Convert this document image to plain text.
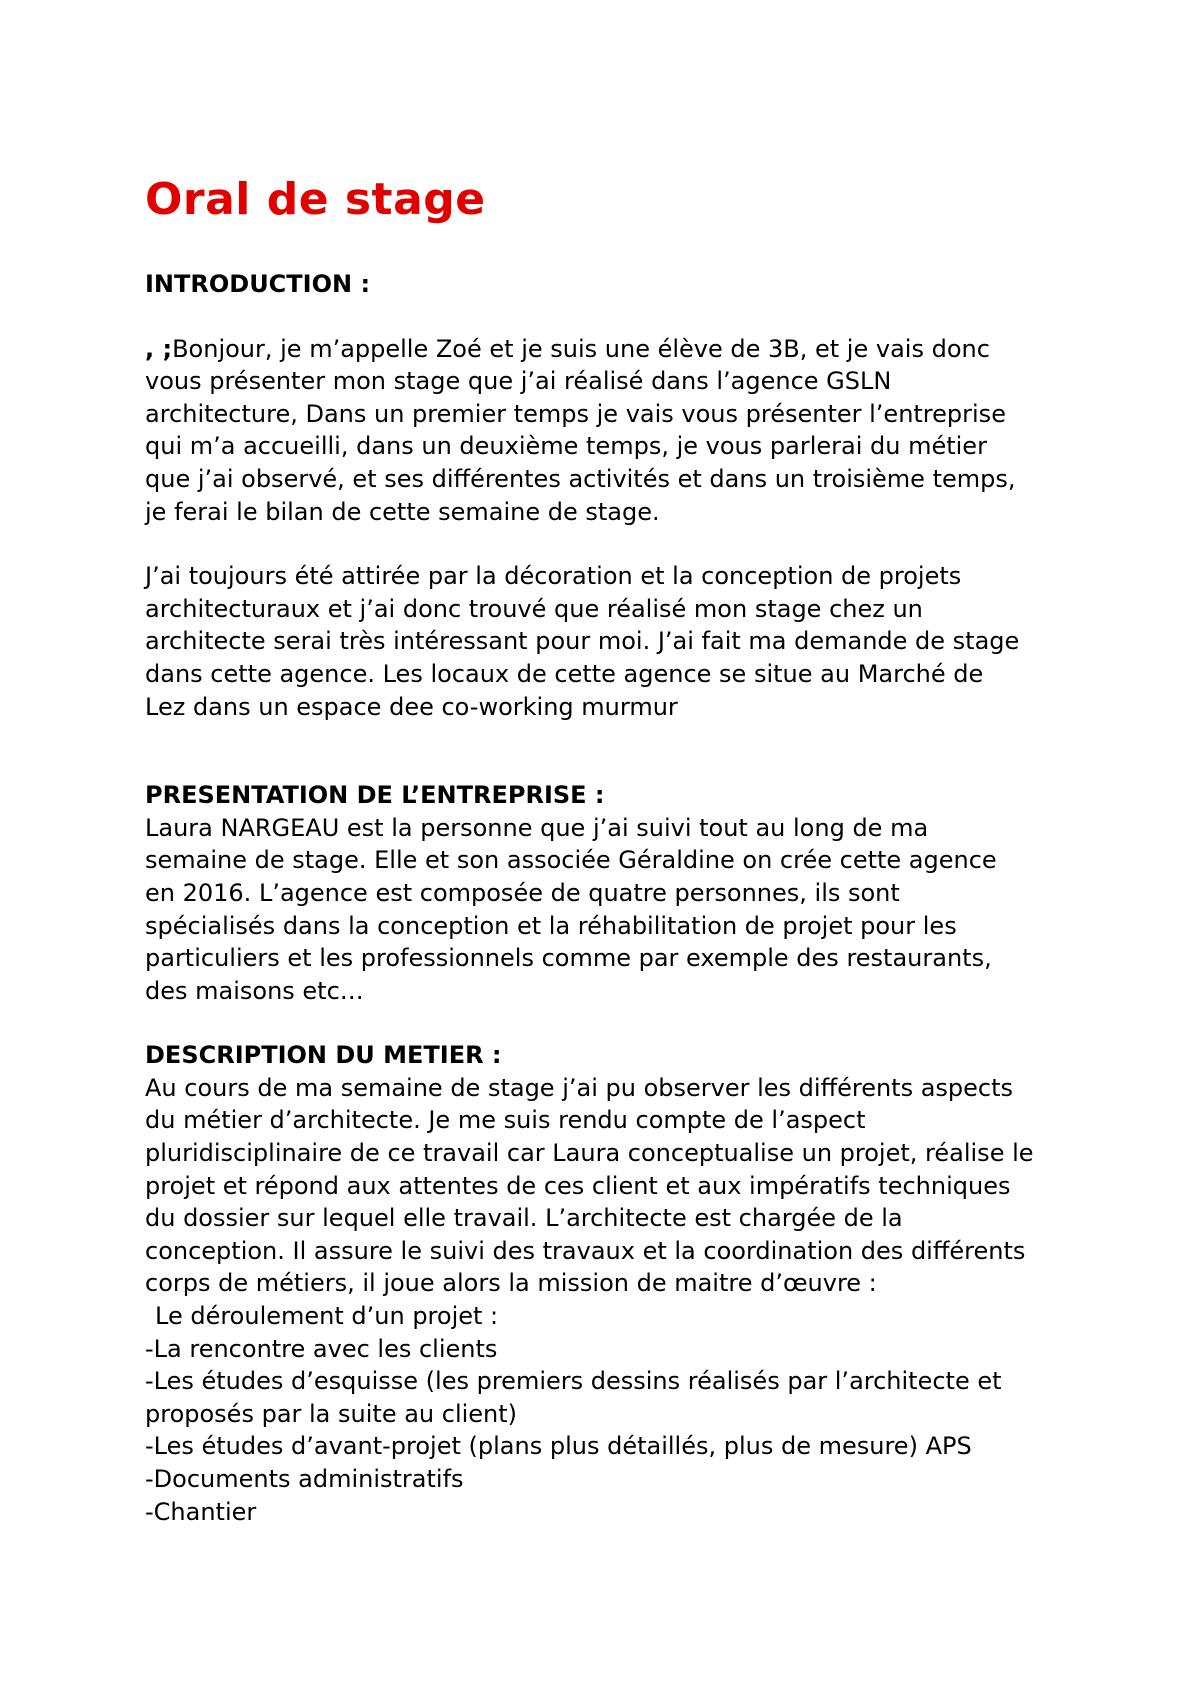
Oral de stage

INTRODUCTION :

, ;Bonjour, je m’appelle Zoé et je suis une élève de 3B, et je vais donc

vous présenter mon stage que j’ai réalisé dans l’agence GSLN

architecture, Dans un premier temps je vais vous présenter l’entreprise

qui m’a accueilli, dans un deuxième temps, je vous parlerai du métier

que j’ai observé, et ses différentes activités et dans un troisième temps,

je ferai le bilan de cette semaine de stage.

J’ai toujours été attirée par la décoration et la conception de projets

architecturaux et j’ai donc trouvé que réalisé mon stage chez un

architecte serai très intéressant pour moi. J’ai fait ma demande de stage

dans cette agence. Les locaux de cette agence se situe au Marché de

Lez dans un espace dee co-working murmur

PRESENTATION DE L’ENTREPRISE :

Laura NARGEAU est la personne que j’ai suivi tout au long de ma

semaine de stage. Elle et son associée Géraldine on crée cette agence

en 2016. L’agence est composée de quatre personnes, ils sont

spécialisés dans la conception et la réhabilitation de projet pour les

particuliers et les professionnels comme par exemple des restaurants,

des maisons etc…

DESCRIPTION DU METIER :

Au cours de ma semaine de stage j’ai pu observer les différents aspects

du métier d’architecte. Je me suis rendu compte de l’aspect

pluridisciplinaire de ce travail car Laura conceptualise un projet, réalise le

projet et répond aux attentes de ces client et aux impératifs techniques

du dossier sur lequel elle travail. L’architecte est chargée de la

conception. Il assure le suivi des travaux et la coordination des différents

corps de métiers, il joue alors la mission de maitre d’œuvre :

Le déroulement d’un projet :

-La rencontre avec les clients

-Les études d’esquisse (les premiers dessins réalisés par l’architecte et

proposés par la suite au client)

-Les études d’avant-projet (plans plus détaillés, plus de mesure) APS

-Documents administratifs

-Chantier
